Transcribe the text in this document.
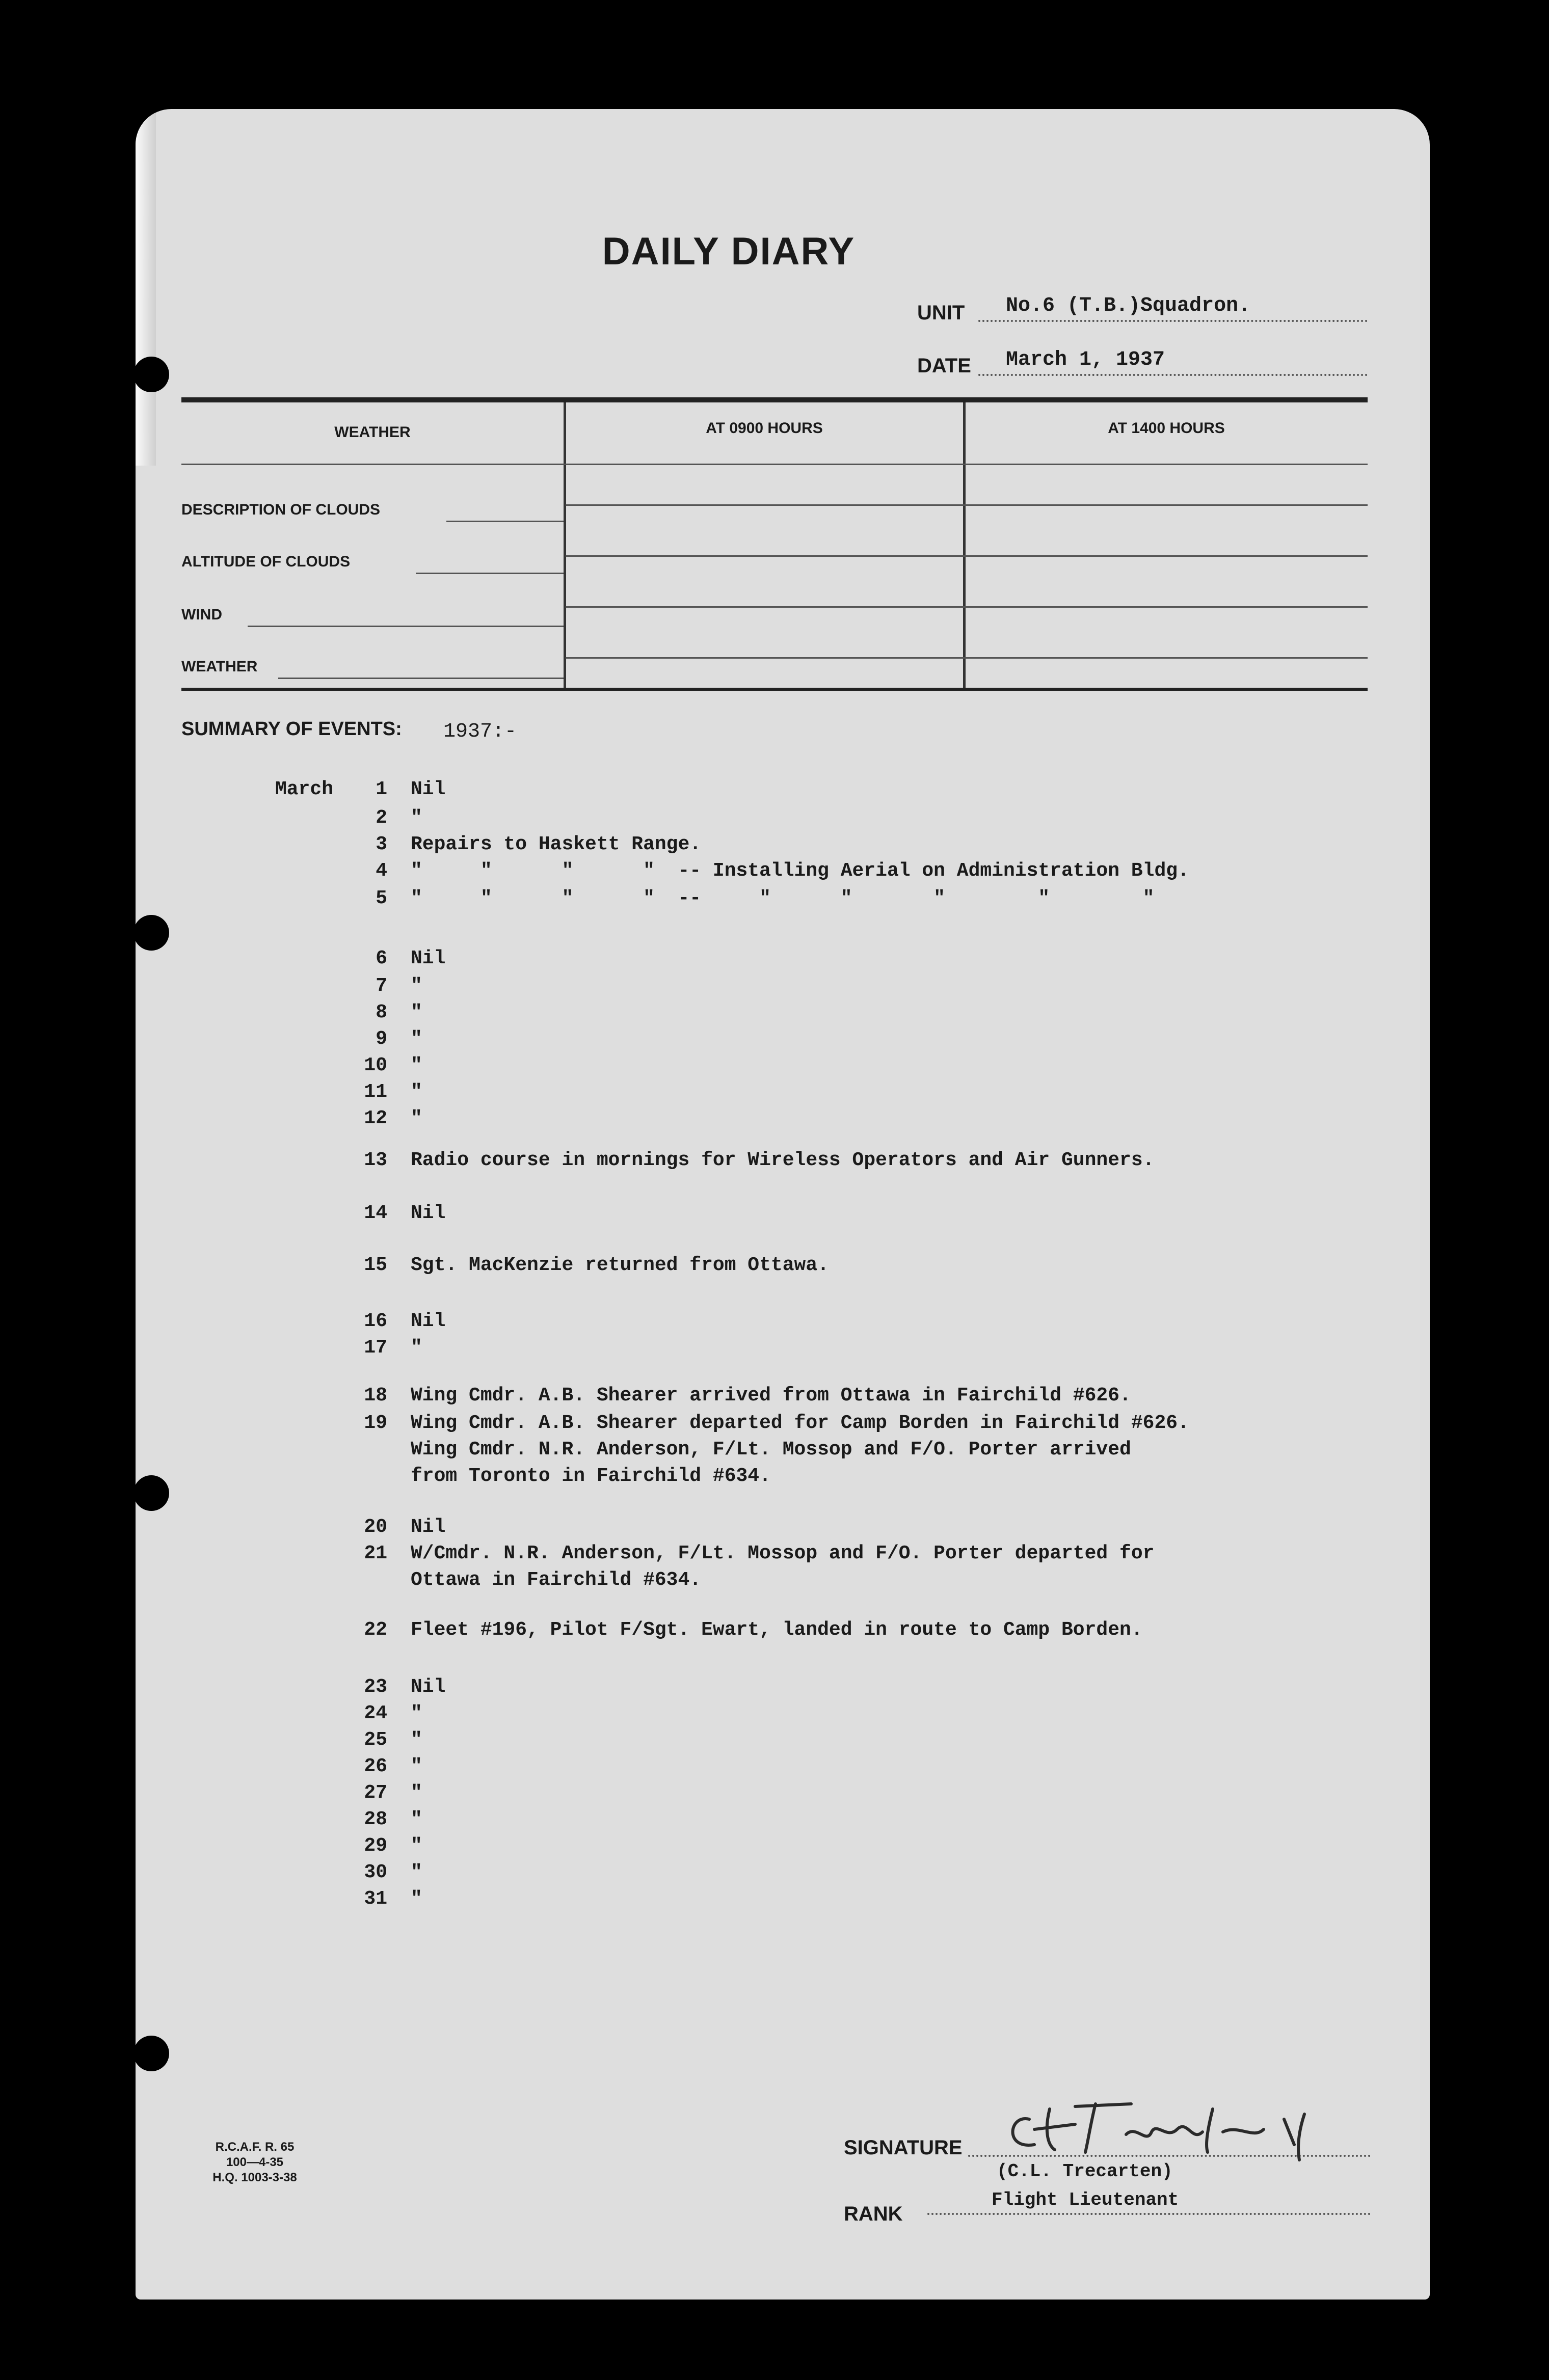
DAILY DIARY
UNIT No.6 (T.B.)Squadron.
DATE March 1, 1937
WEATHER	AT 0900 HOURS	AT 1400 HOURS
DESCRIPTION OF CLOUDS
ALTITUDE OF CLOUDS
WIND
WEATHER
SUMMARY OF EVENTS: 1937:-
March	1 Nil
2 "
3 Repairs to Haskett Range.
4 "     "      "      "  -- Installing Aerial on Administration Bldg.
5 "     "      "      "  --     "      "       "        "        "
6 Nil
7 "
8 "
9 "
10 "
11 "
12 "
13 Radio course in mornings for Wireless Operators and Air Gunners.
14 Nil
15 Sgt. MacKenzie returned from Ottawa.
16 Nil
17 "
18 Wing Cmdr. A.B. Shearer arrived from Ottawa in Fairchild #626.
19 Wing Cmdr. A.B. Shearer departed for Camp Borden in Fairchild #626.
Wing Cmdr. N.R. Anderson, F/Lt. Mossop and F/O. Porter arrived
from Toronto in Fairchild #634.
20 Nil
21 W/Cmdr. N.R. Anderson, F/Lt. Mossop and F/O. Porter departed for
Ottawa in Fairchild #634.
22 Fleet #196, Pilot F/Sgt. Ewart, landed in route to Camp Borden.
23 Nil
24 "
25 "
26 "
27 "
28 "
29 "
30 "
31 "
R.C.A.F. R. 65
100—4-35
H.Q. 1003-3-38
SIGNATURE
(C.L. Trecarten)
RANK
Flight Lieutenant
